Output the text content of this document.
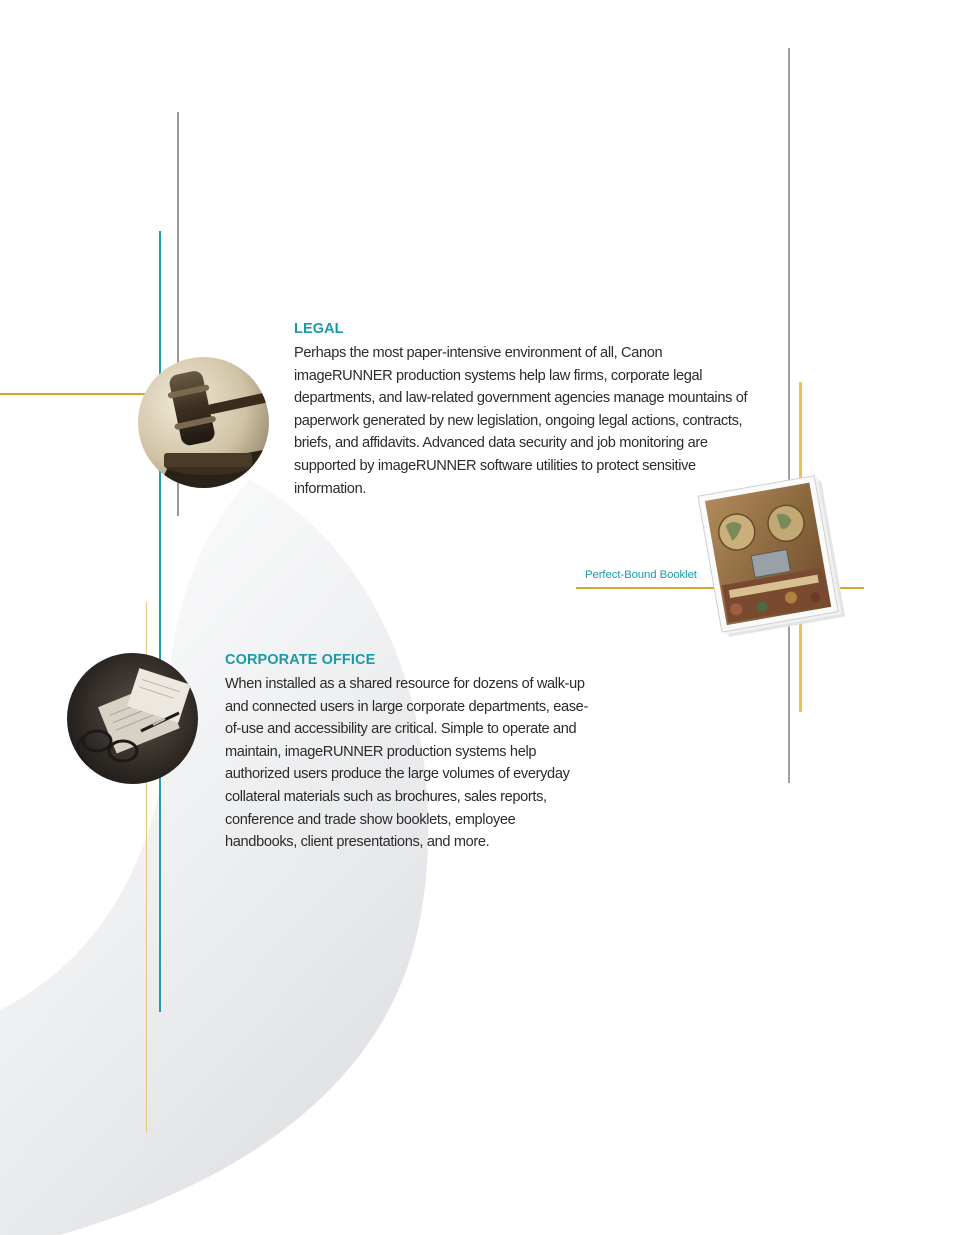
LEGAL

Perhaps the most paper-intensive environment of all, Canon imageRUNNER production systems help law firms, corporate legal departments, and law-related government agencies manage mountains of paperwork generated by new legislation, ongoing legal actions, contracts, briefs, and affidavits. Advanced data security and job monitoring are supported by imageRUNNER software utilities to protect sensitive information.

Perfect-Bound Booklet
CORPORATE OFFICE

When installed as a shared resource for dozens of walk-up and connected users in large corporate departments, ease-of-use and accessibility are critical. Simple to operate and maintain, imageRUNNER production systems help authorized users produce the large volumes of everyday collateral materials such as brochures, sales reports, conference and trade show booklets, employee handbooks, client presentations, and more.
